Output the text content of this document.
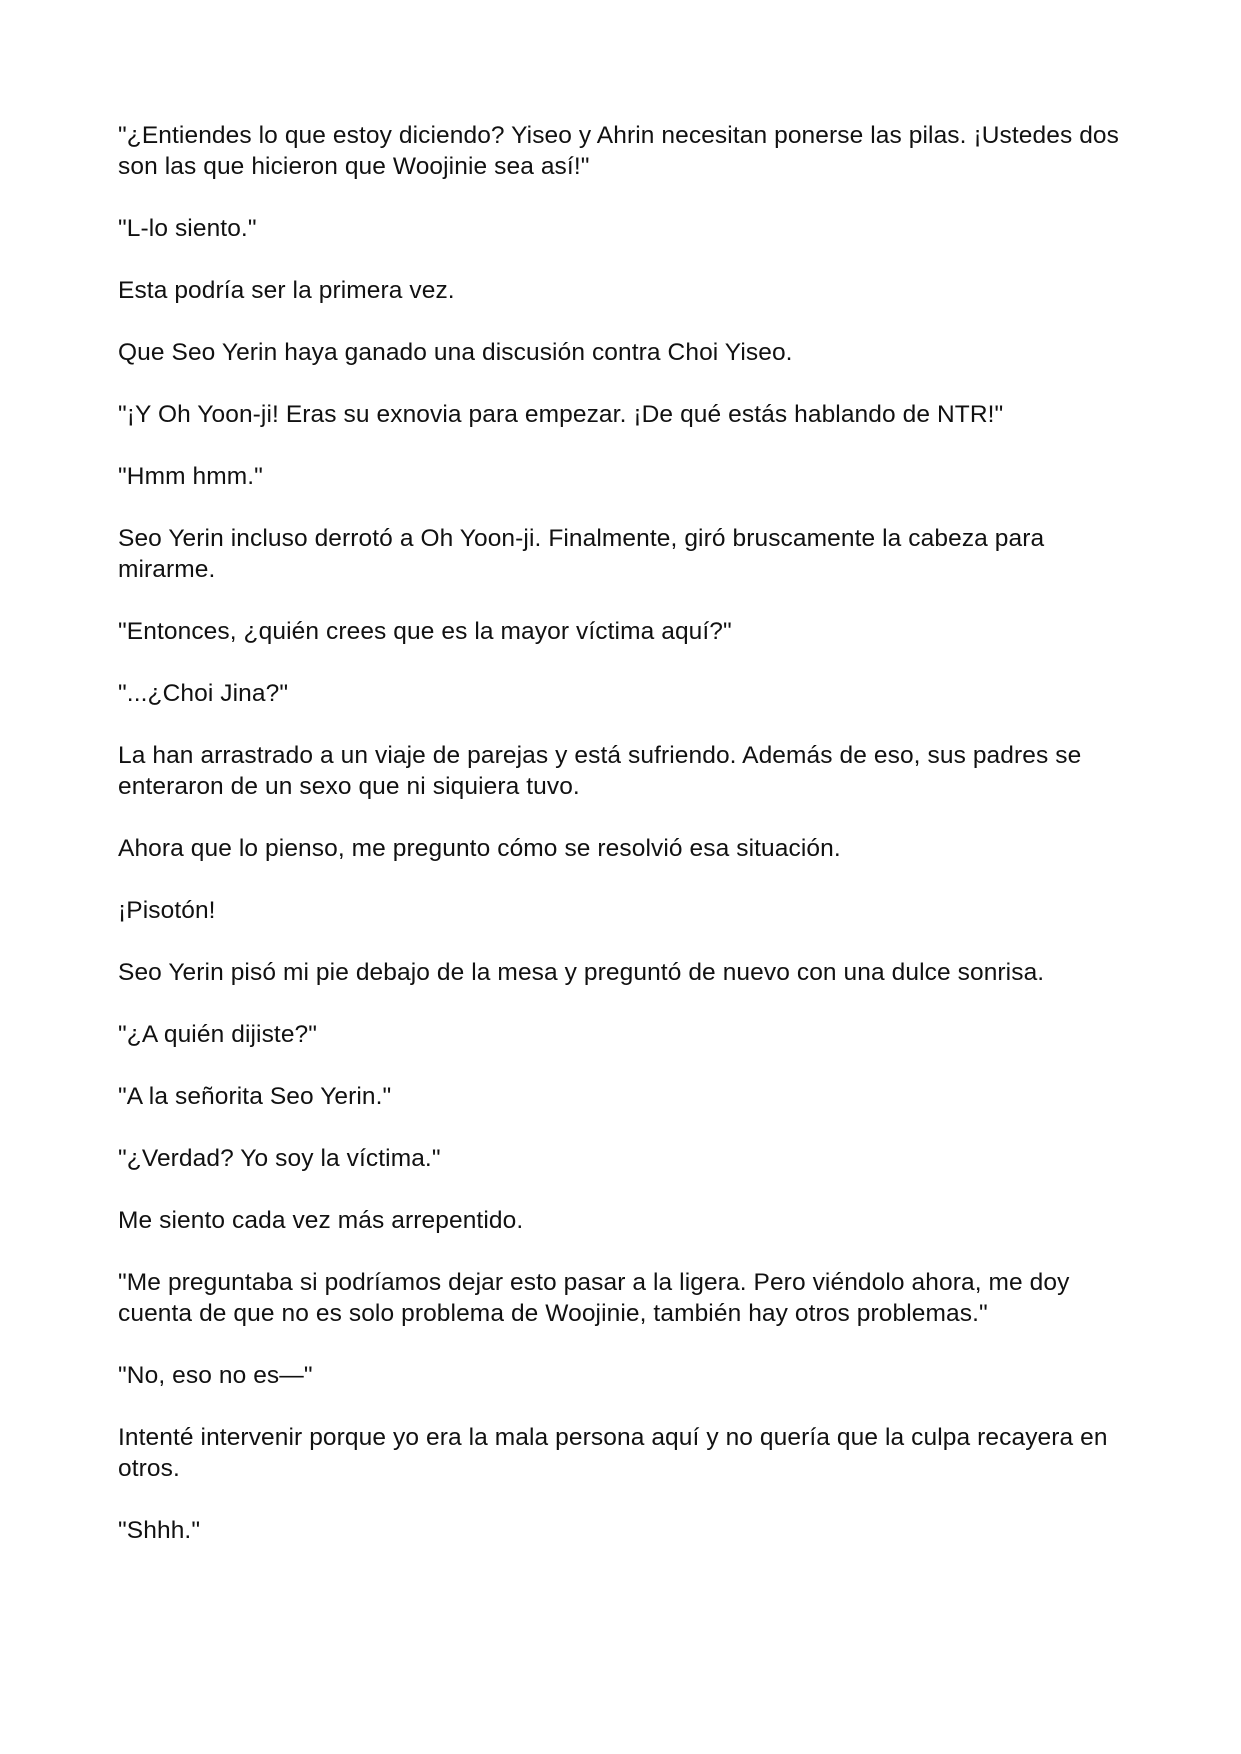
"¿Entiendes lo que estoy diciendo? Yiseo y Ahrin necesitan ponerse las pilas. ¡Ustedes dos son las que hicieron que Woojinie sea así!"

"L-lo siento."

Esta podría ser la primera vez.

Que Seo Yerin haya ganado una discusión contra Choi Yiseo.

"¡Y Oh Yoon-ji! Eras su exnovia para empezar. ¡De qué estás hablando de NTR!"

"Hmm hmm."

Seo Yerin incluso derrotó a Oh Yoon-ji. Finalmente, giró bruscamente la cabeza para mirarme.

"Entonces, ¿quién crees que es la mayor víctima aquí?"

"...¿Choi Jina?"

La han arrastrado a un viaje de parejas y está sufriendo. Además de eso, sus padres se enteraron de un sexo que ni siquiera tuvo.

Ahora que lo pienso, me pregunto cómo se resolvió esa situación.

¡Pisotón!

Seo Yerin pisó mi pie debajo de la mesa y preguntó de nuevo con una dulce sonrisa.

"¿A quién dijiste?"

"A la señorita Seo Yerin."

"¿Verdad? Yo soy la víctima."

Me siento cada vez más arrepentido.

"Me preguntaba si podríamos dejar esto pasar a la ligera. Pero viéndolo ahora, me doy cuenta de que no es solo problema de Woojinie, también hay otros problemas."

"No, eso no es—"

Intenté intervenir porque yo era la mala persona aquí y no quería que la culpa recayera en otros.

"Shhh."
